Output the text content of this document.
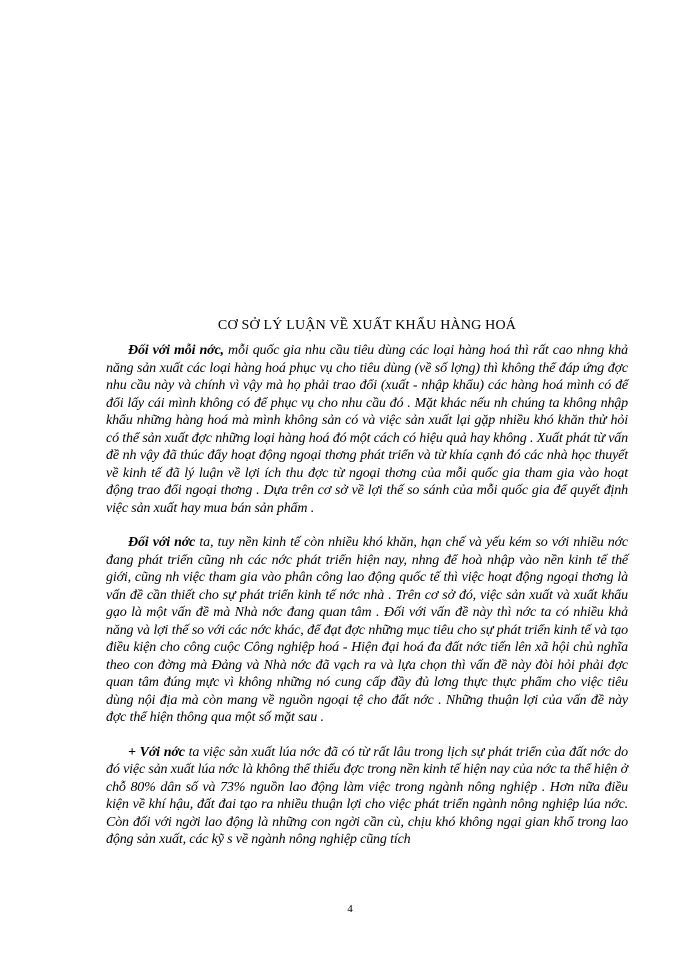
CƠ SỞ LÝ LUẬN VỀ XUẤT KHẨU HÀNG HOÁ

Đối với mỗi nớc, mỗi quốc gia nhu cầu tiêu dùng các loại hàng hoá thì rất cao nhng khả năng sản xuất các loại hàng hoá phục vụ cho tiêu dùng (về số lợng) thì không thể đáp ứng đợc nhu cầu này và chính vì vậy mà họ phải trao đổi (xuất - nhập khẩu) các hàng hoá mình có để đổi lấy cái mình không có để phục vụ cho nhu cầu đó . Mặt khác nếu nh chúng ta không nhập khẩu những hàng hoá mà mình không sản có và việc sản xuất lại gặp nhiều khó khăn thử hỏi có thể sản xuất đợc những loại hàng hoá đó một cách có hiệu quả hay không . Xuất phát từ vấn đề nh vậy đã thúc đẩy hoạt động ngoại thơng phát triển và từ khía cạnh đó các nhà học thuyết về kinh tế đã lý luận về lợi ích thu đợc từ ngoại thơng của mỗi quốc gia tham gia vào hoạt động trao đổi ngoại thơng . Dựa trên cơ sở về lợi thế so sánh của mỗi quốc gia để quyết định việc sản xuất hay mua bán sản phẩm .

Đối với nớc ta, tuy nền kinh tế còn nhiều khó khăn, hạn chế và yếu kém so với nhiều nớc đang phát triển cũng nh các nớc phát triển hiện nay, nhng để hoà nhập vào nền kinh tế thế giới, cũng nh việc tham gia vào phân công lao động quốc tế thì việc hoạt động ngoại thơng là vấn đề cần thiết cho sự phát triển kinh tế nớc nhà . Trên cơ sở đó, việc sản xuất và xuất khẩu gạo là một vấn đề mà Nhà nớc đang quan tâm . Đối với vấn đề này thì nớc ta có nhiều khả năng và lợi thế so với các nớc khác, để đạt đợc những mục tiêu cho sự phát triển kinh tế và tạo điều kiện cho công cuộc Công nghiệp hoá - Hiện đại hoá đa đất nớc tiến lên xã hội chủ nghĩa theo con đờng mà Đảng và Nhà nớc đã vạch ra và lựa chọn thì vấn đề này đòi hỏi phải đợc quan tâm đúng mực vì không những nó cung cấp đầy đủ lơng thực thực phẩm cho việc tiêu dùng nội địa mà còn mang về nguồn ngoại tệ cho đất nớc . Những thuận lợi của vấn đề này đợc thể hiện thông qua một số mặt sau .

+ Với nớc ta việc sản xuất lúa nớc đã có từ rất lâu trong lịch sự phát triển của đất nớc do đó việc sản xuất lúa nớc là không thể thiếu đợc trong nền kinh tế hiện nay của nớc ta thể hiện ở chỗ 80% dân số và 73% nguồn lao động làm việc trong ngành nông nghiệp . Hơn nữa điều kiện về khí hậu, đất đai tạo ra nhiều thuận lợi cho việc phát triển ngành nông nghiệp lúa nớc. Còn đối với ngời lao động là những con ngời cần cù, chịu khó không ngại gian khổ trong lao động sản xuất, các kỹ s về ngành nông nghiệp cũng tích

4
